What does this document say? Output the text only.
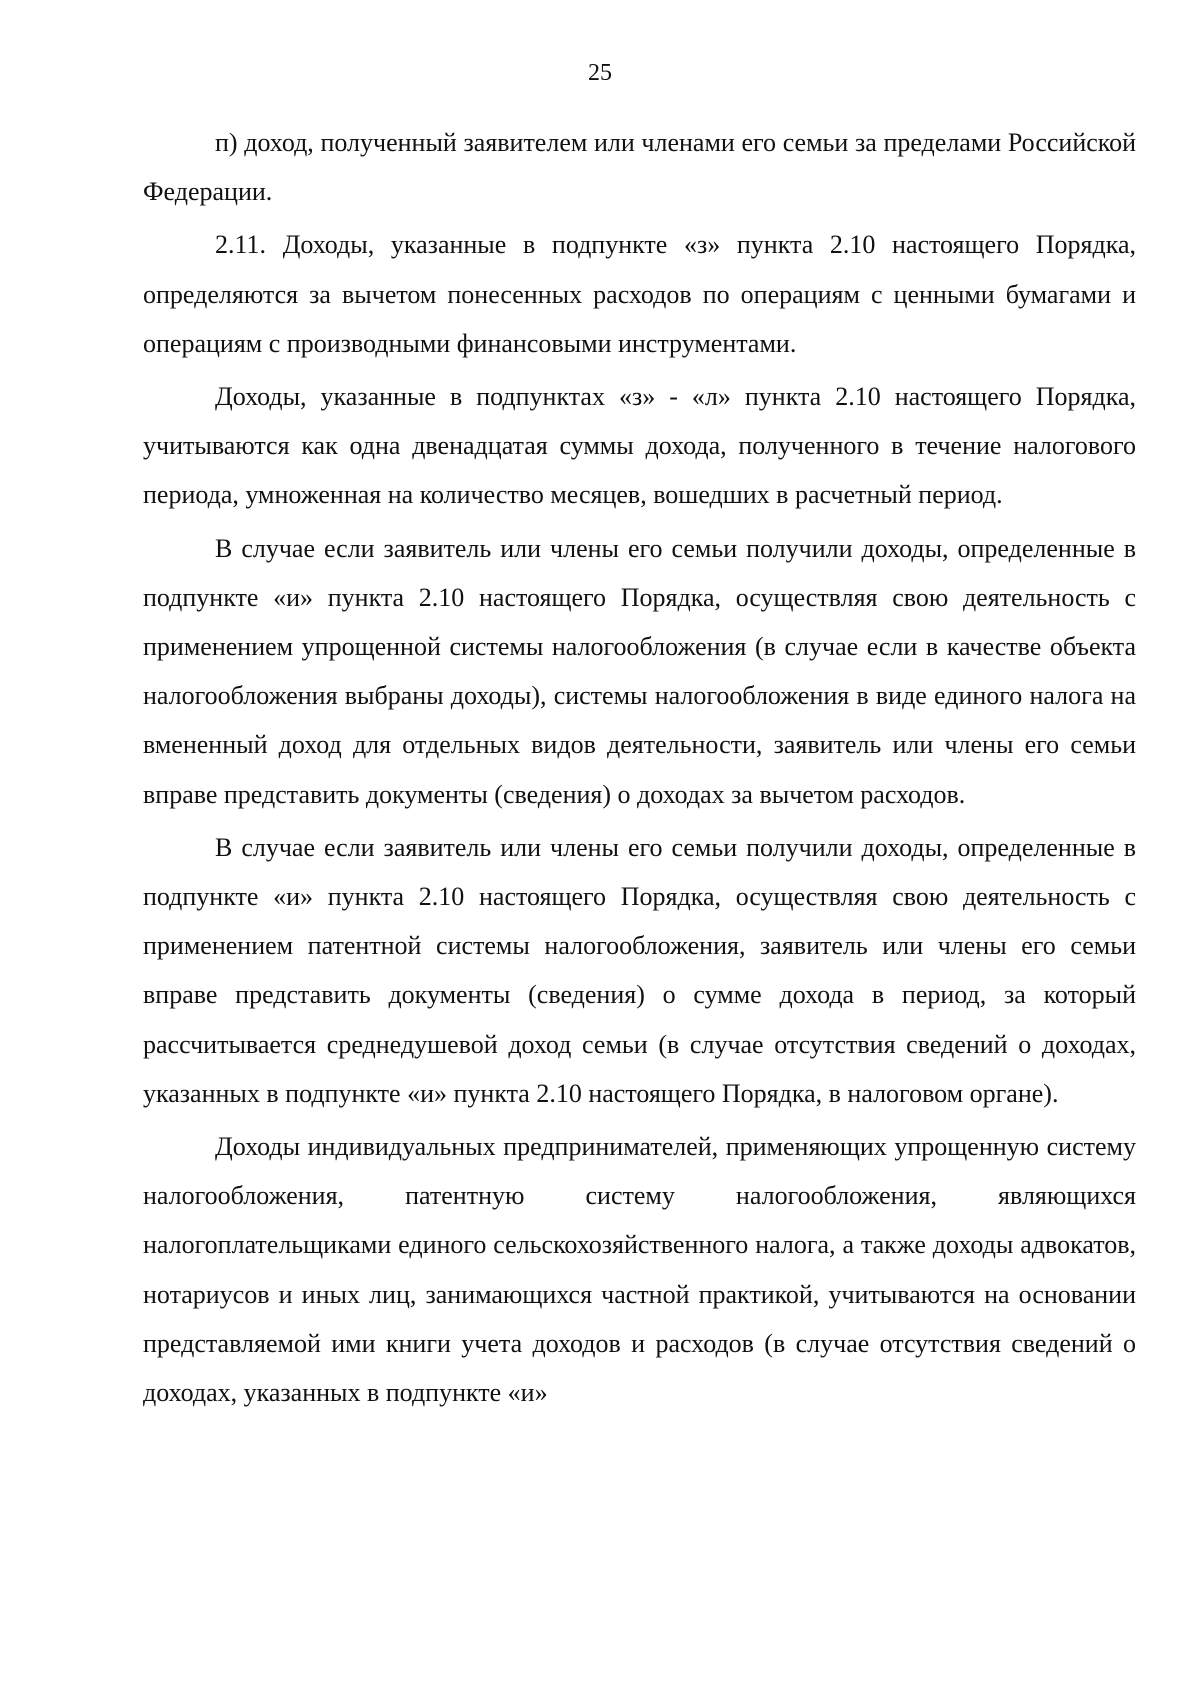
25

п) доход, полученный заявителем или членами его семьи за пределами Российской Федерации.

2.11. Доходы, указанные в подпункте «з» пункта 2.10 настоящего Порядка, определяются за вычетом понесенных расходов по операциям с ценными бумагами и операциям с производными финансовыми инструментами.

Доходы, указанные в подпунктах «з» - «л» пункта 2.10 настоящего Порядка, учитываются как одна двенадцатая суммы дохода, полученного в течение налогового периода, умноженная на количество месяцев, вошедших в расчетный период.

В случае если заявитель или члены его семьи получили доходы, определенные в подпункте «и» пункта 2.10 настоящего Порядка, осуществляя свою деятельность с применением упрощенной системы налогообложения (в случае если в качестве объекта налогообложения выбраны доходы), системы налогообложения в виде единого налога на вмененный доход для отдельных видов деятельности, заявитель или члены его семьи вправе представить документы (сведения) о доходах за вычетом расходов.

В случае если заявитель или члены его семьи получили доходы, определенные в подпункте «и» пункта 2.10 настоящего Порядка, осуществляя свою деятельность с применением патентной системы налогообложения, заявитель или члены его семьи вправе представить документы (сведения) о сумме дохода в период, за который рассчитывается среднедушевой доход семьи (в случае отсутствия сведений о доходах, указанных в подпункте «и» пункта 2.10 настоящего Порядка, в налоговом органе).

Доходы индивидуальных предпринимателей, применяющих упрощенную систему налогообложения, патентную систему налогообложения, являющихся налогоплательщиками единого сельскохозяйственного налога, а также доходы адвокатов, нотариусов и иных лиц, занимающихся частной практикой, учитываются на основании представляемой ими книги учета доходов и расходов (в случае отсутствия сведений о доходах, указанных в подпункте «и»
